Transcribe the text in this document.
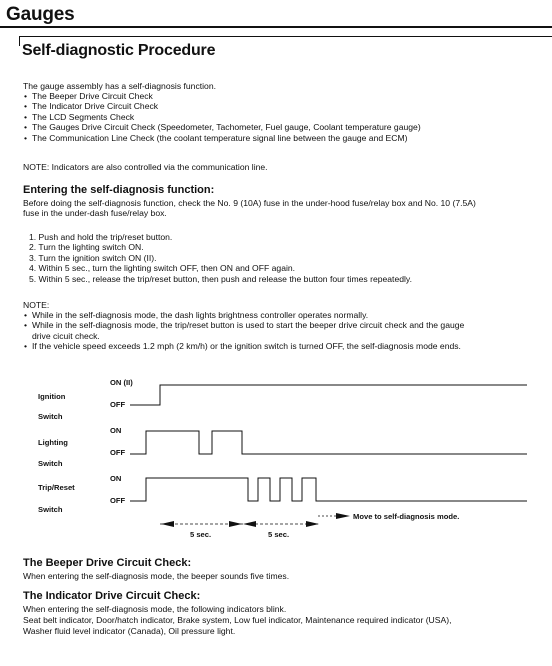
Gauges
Self-diagnostic Procedure
The gauge assembly has a self-diagnosis function.
• The Beeper Drive Circuit Check
• The Indicator Drive Circuit Check
• The LCD Segments Check
• The Gauges Drive Circuit Check (Speedometer, Tachometer, Fuel gauge, Coolant temperature gauge)
• The Communication Line Check (the coolant temperature signal line between the gauge and ECM)
NOTE: Indicators are also controlled via the communication line.
Entering the self-diagnosis function:
Before doing the self-diagnosis function, check the No. 9 (10A) fuse in the under-hood fuse/relay box and No. 10 (7.5A)
fuse in the under-dash fuse/relay box.
1. Push and hold the trip/reset button.
2. Turn the lighting switch ON.
3. Turn the ignition switch ON (II).
4. Within 5 sec., turn the lighting switch OFF, then ON and OFF again.
5. Within 5 sec., release the trip/reset button, then push and release the button four times repeatedly.
NOTE:
• While in the self-diagnosis mode, the dash lights brightness controller operates normally.
• While in the self-diagnosis mode, the trip/reset button is used to start the beeper drive circuit check and the gauge
drive cicuit check.
• If the vehicle speed exceeds 1.2 mph (2 km/h) or the ignition switch is turned OFF, the self-diagnosis mode ends.
Ignition
Switch
ON (II)
OFF
Lighting
Switch
ON
OFF
Trip/Reset
Switch
ON
OFF
5 sec.	5 sec.
Move to self-diagnosis mode.
The Beeper Drive Circuit Check:
When entering the self-diagnosis mode, the beeper sounds five times.
The Indicator Drive Circuit Check:
When entering the self-diagnosis mode, the following indicators blink.
Seat belt indicator, Door/hatch indicator, Brake system, Low fuel indicator, Maintenance required indicator (USA),
Washer fluid level indicator (Canada), Oil pressure light.
